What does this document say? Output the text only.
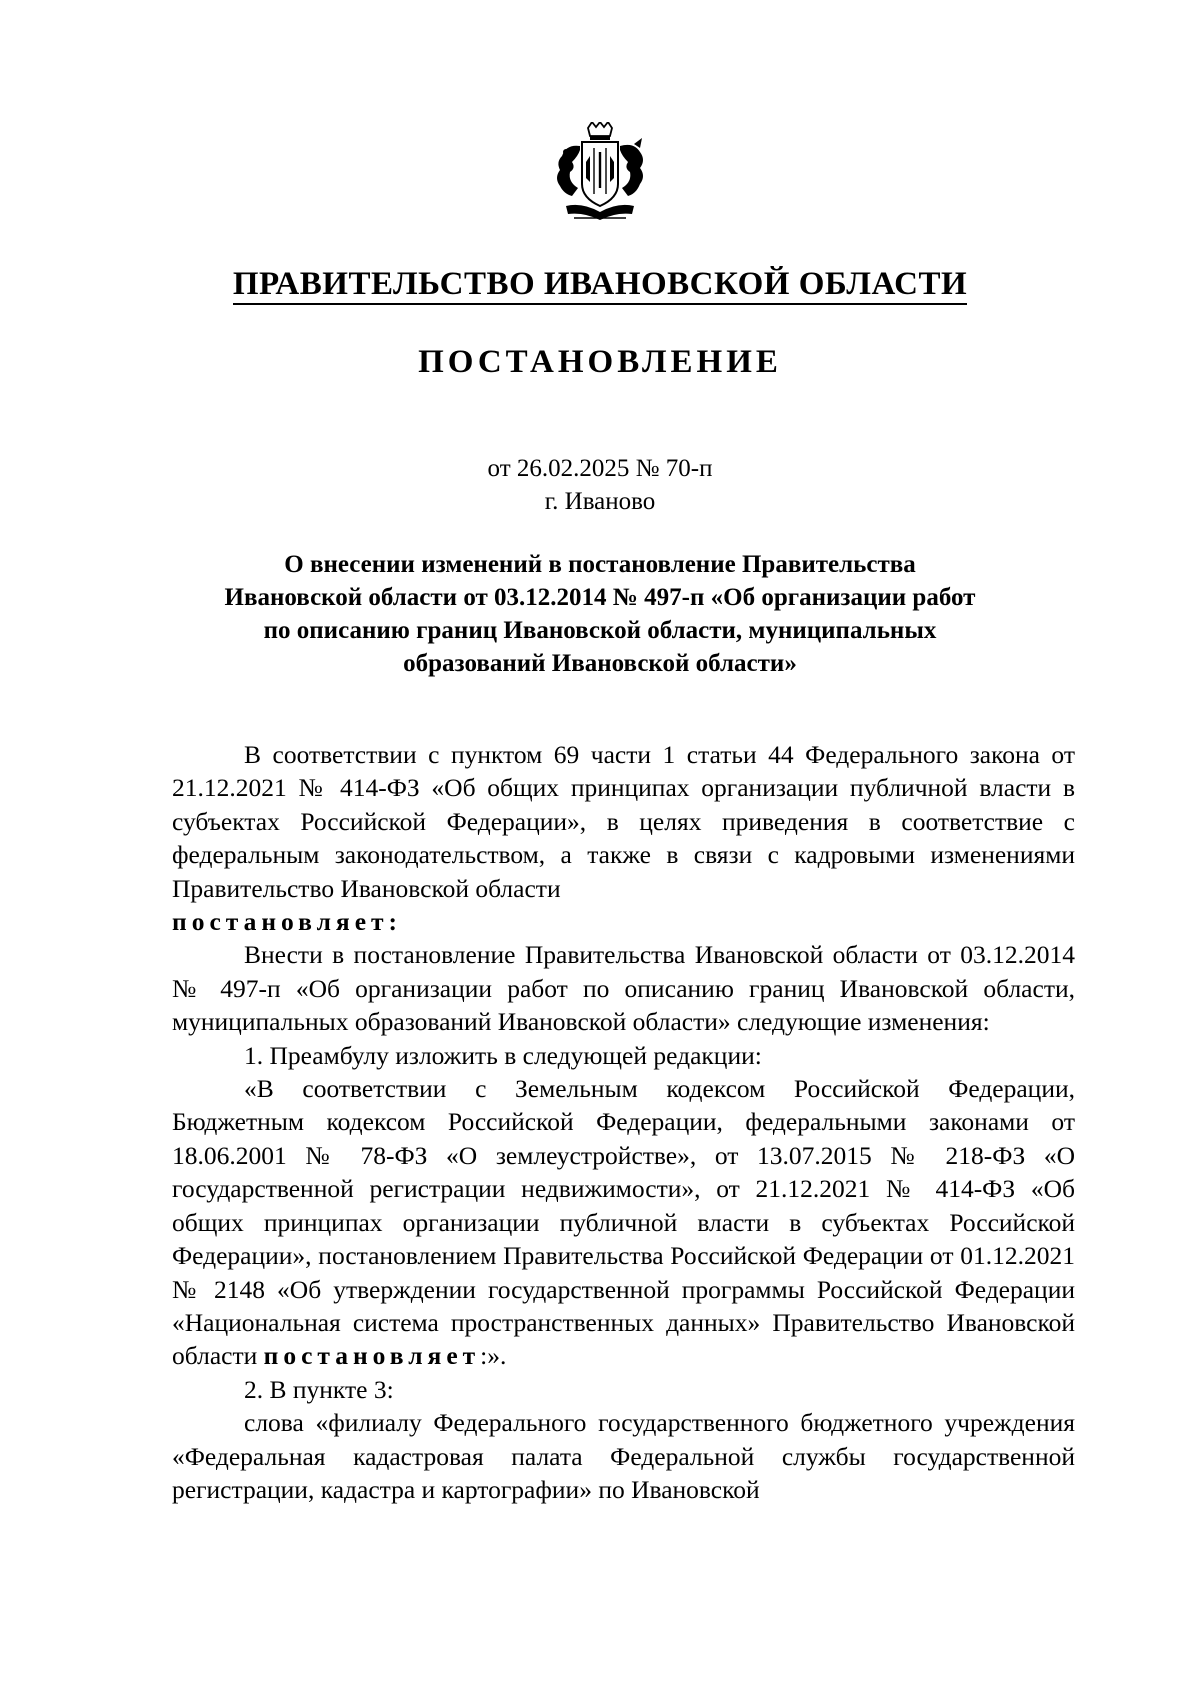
ПРАВИТЕЛЬСТВО ИВАНОВСКОЙ ОБЛАСТИ
ПОСТАНОВЛЕНИЕ
от 26.02.2025 № 70-п
г. Иваново
О внесении изменений в постановление Правительства
Ивановской области от 03.12.2014 № 497-п «Об организации работ
по описанию границ Ивановской области, муниципальных
образований Ивановской области»

В соответствии с пунктом 69 части 1 статьи 44 Федерального закона от 21.12.2021 № 414-ФЗ «Об общих принципах организации публичной власти в субъектах Российской Федерации», в целях приведения в соответствие с федеральным законодательством, а также в связи с кадровыми изменениями Правительство Ивановской области

постановляет:

Внести в постановление Правительства Ивановской области от 03.12.2014 № 497-п «Об организации работ по описанию границ Ивановской области, муниципальных образований Ивановской области» следующие изменения:

1. Преамбулу изложить в следующей редакции:

«В соответствии с Земельным кодексом Российской Федерации, Бюджетным кодексом Российской Федерации, федеральными законами от 18.06.2001 № 78-ФЗ «О землеустройстве», от 13.07.2015 № 218-ФЗ «О государственной регистрации недвижимости», от 21.12.2021 № 414-ФЗ «Об общих принципах организации публичной власти в субъектах Российской Федерации», постановлением Правительства Российской Федерации от 01.12.2021 № 2148 «Об утверждении государственной программы Российской Федерации «Национальная система пространственных данных» Правительство Ивановской области постановляет:».

2. В пункте 3:

слова «филиалу Федерального государственного бюджетного учреждения «Федеральная кадастровая палата Федеральной службы государственной регистрации, кадастра и картографии» по Ивановской
